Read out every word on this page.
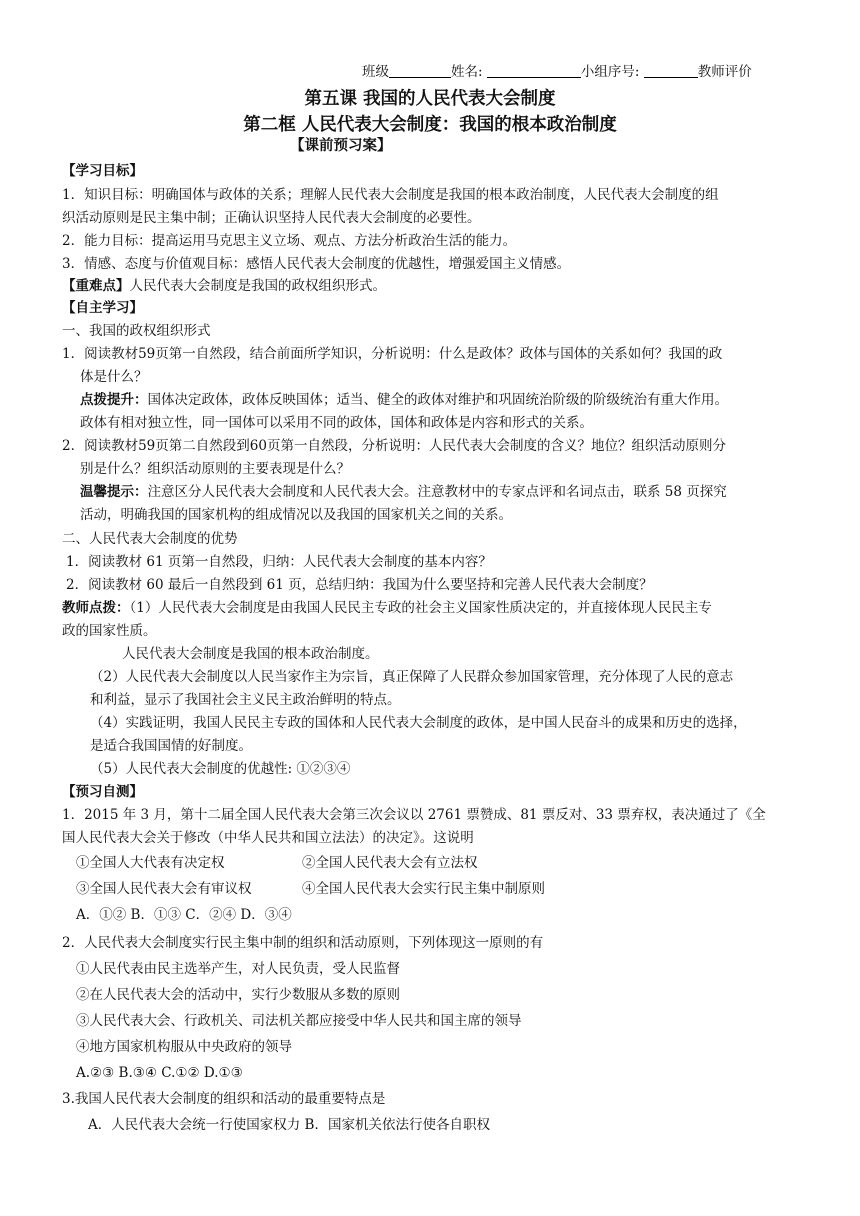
班级	姓名:	小组序号:	教师评价
第五课 我国的人民代表大会制度
第二框 人民代表大会制度：我国的根本政治制度
【课前预习案】
【学习目标】
1．知识目标：明确国体与政体的关系；理解人民代表大会制度是我国的根本政治制度，人民代表大会制度的组
织活动原则是民主集中制；正确认识坚持人民代表大会制度的必要性。
2．能力目标：提高运用马克思主义立场、观点、方法分析政治生活的能力。
3．情感、态度与价值观目标：感悟人民代表大会制度的优越性，增强爱国主义情感。
【重难点】人民代表大会制度是我国的政权组织形式。
【自主学习】
一、我国的政权组织形式
1．阅读教材59页第一自然段，结合前面所学知识，分析说明：什么是政体？政体与国体的关系如何？我国的政
体是什么？
点拨提升：国体决定政体，政体反映国体；适当、健全的政体对维护和巩固统治阶级的阶级统治有重大作用。
政体有相对独立性，同一国体可以采用不同的政体，国体和政体是内容和形式的关系。
2．阅读教材59页第二自然段到60页第一自然段，分析说明：人民代表大会制度的含义？地位？组织活动原则分
别是什么？组织活动原则的主要表现是什么？
温馨提示：注意区分人民代表大会制度和人民代表大会。注意教材中的专家点评和名词点击，联系 58 页探究
活动，明确我国的国家机构的组成情况以及我国的国家机关之间的关系。
二、人民代表大会制度的优势
1．阅读教材 61 页第一自然段，归纳：人民代表大会制度的基本内容？
2．阅读教材 60 最后一自然段到 61 页，总结归纳：我国为什么要坚持和完善人民代表大会制度？
教师点拨：（1）人民代表大会制度是由我国人民民主专政的社会主义国家性质决定的，并直接体现人民民主专
政的国家性质。
人民代表大会制度是我国的根本政治制度。
（2）人民代表大会制度以人民当家作主为宗旨，真正保障了人民群众参加国家管理，充分体现了人民的意志
和利益，显示了我国社会主义民主政治鲜明的特点。
（4）实践证明，我国人民民主专政的国体和人民代表大会制度的政体，是中国人民奋斗的成果和历史的选择，
是适合我国国情的好制度。
（5）人民代表大会制度的优越性: ①②③④
【预习自测】
1．2015 年 3 月，第十二届全国人民代表大会第三次会议以 2761 票赞成、81 票反对、33 票弃权，表决通过了《全
国人民代表大会关于修改（中华人民共和国立法法）的决定》。这说明
①全国人大代表有决定权	②全国人民代表大会有立法权
③全国人民代表大会有审议权	④全国人民代表大会实行民主集中制原则
A．①② B．①③ C．②④ D．③④
2．人民代表大会制度实行民主集中制的组织和活动原则，下列体现这一原则的有
①人民代表由民主选举产生，对人民负责，受人民监督
②在人民代表大会的活动中，实行少数服从多数的原则
③人民代表大会、行政机关、司法机关都应接受中华人民共和国主席的领导
④地方国家机构服从中央政府的领导
A.②③ B.③④ C.①② D.①③
3.我国人民代表大会制度的组织和活动的最重要特点是
A．人民代表大会统一行使国家权力 B．国家机关依法行使各自职权
